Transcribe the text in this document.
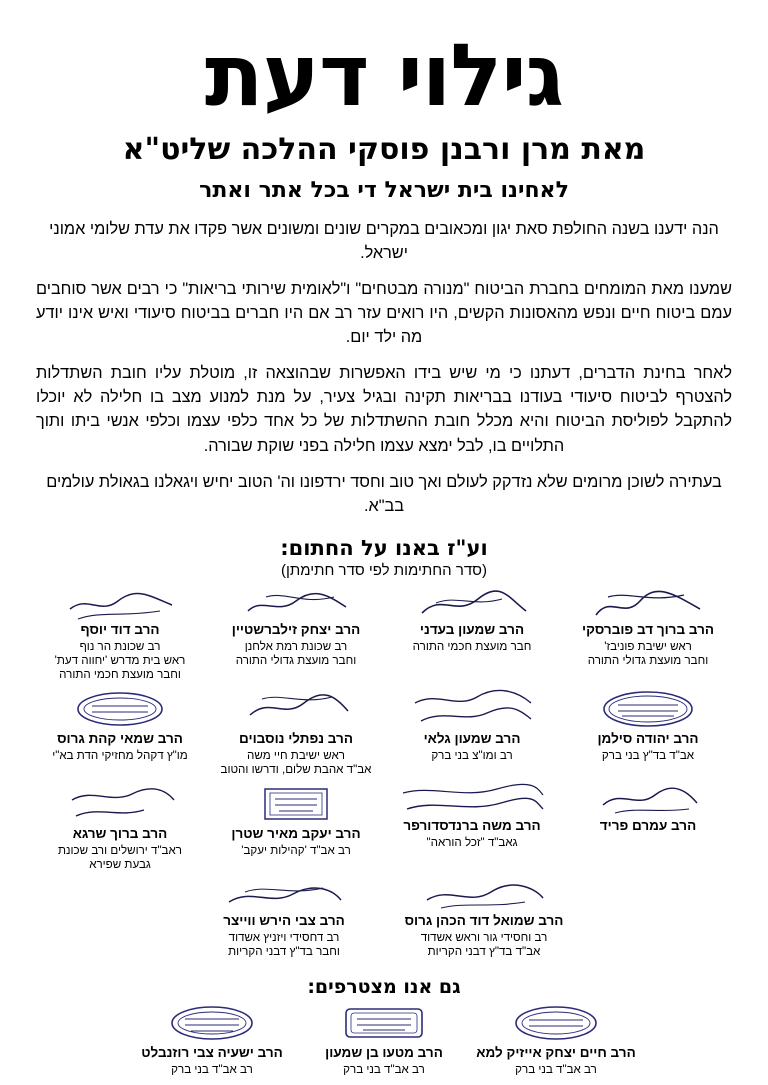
גילוי דעת
מאת מרן ורבנן פוסקי ההלכה שליט"א
לאחינו בית ישראל די בכל אתר ואתר
הנה ידענו בשנה החולפת סאת יגון ומכאובים במקרים שונים ומשונים אשר פקדו את עדת שלומי אמוני ישראל.
שמענו מאת המומחים בחברת הביטוח "מנורה מבטחים" ו"לאומית שירותי בריאות" כי רבים אשר סוחבים עמם ביטוח חיים ונפש מהאסונות הקשים, היו רואים עזר רב אם היו חברים בביטוח סיעודי ואיש אינו יודע מה ילד יום.
לאחר בחינת הדברים, דעתנו כי מי שיש בידו האפשרות שבהוצאה זו, מוטלת עליו חובת השתדלות להצטרף לביטוח סיעודי בעודנו בבריאות תקינה ובגיל צעיר, על מנת למנוע מצב בו חלילה לא יוכלו להתקבל לפוליסת הביטוח והיא מכלל חובת ההשתדלות של כל אחד כלפי עצמו וכלפי אנשי ביתו ותוך התלויים בו, לבל ימצא עצמו חלילה בפני שוקת שבורה.
בעתירה לשוכן מרומים שלא נזדקק לעולם ואך טוב וחסד ירדפונו וה' הטוב יחיש ויגאלנו בגאולת עולמים בב"א.
וע"ז באנו על החתום:
(סדר החתימות לפי סדר חתימתן)
הרב ברוך דב פוברסקי
ראש ישיבת פוניבז'
וחבר מועצת גדולי התורה
הרב שמעון בעדני
חבר מועצת חכמי התורה
הרב יצחק זילברשטיין
רב שכונת רמת אלחנן
וחבר מועצת גדולי התורה
הרב דוד יוסף
רב שכונת הר נוף
ראש בית מדרש 'יחווה דעת'
וחבר מועצת חכמי התורה
הרב יהודה סילמן
אב"ד בד"ץ בני ברק
הרב שמעון גלאי
רב ומו"צ בני ברק
הרב נפתלי נוסבוים
ראש ישיבת חיי משה
אב"ד אהבת שלום, ודרשו והטוב
הרב שמאי קהת גרוס
מו"ץ דקהל מחזיקי הדת בא"י
הרב עמרם פריד
הרב משה ברנדסדורפר
גאב"ד "זכל הוראה"
הרב יעקב מאיר שטרן
רב אב"ד 'קהילות יעקב'
הרב ברוך שרגא
ראב"ד ירושלים ורב שכונת
גבעת שפירא
הרב שמואל דוד הכהן גרוס
רב וחסידי גור וראש אשדוד
אב"ד בד"ץ דבני הקריות
הרב צבי הירש ווייצר
רב דחסידי ויזניץ אשדוד
וחבר בד"ץ דבני הקריות
גם אנו מצטרפים:
הרב חיים יצחק אייזיק למא
רב אב"ד בני ברק
הרב מטעו בן שמעון
רב אב"ד בני ברק
הרב ישעיה צבי רוזנבלט
רב אב"ד בני ברק
